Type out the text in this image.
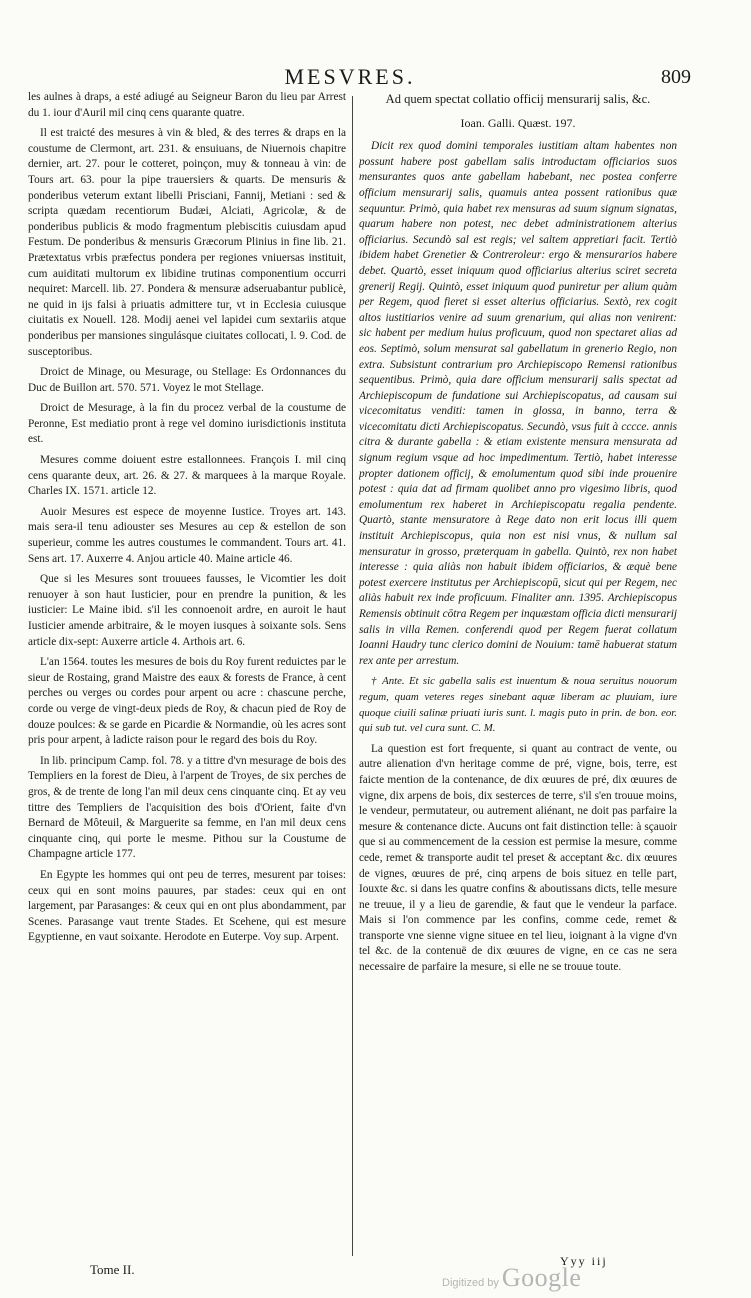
MESVRES.	809

les aulnes à draps, a esté adiugé au Seigneur Baron du lieu par Arrest du 1. iour d'Auril mil cinq cens quarante quatre.

Il est traicté des mesures à vin & bled, & des terres & draps en la coustume de Clermont, art. 231. & ensuiuans, de Niuernois chapitre dernier, art. 27. pour le cotteret, poinçon, muy & tonneau à vin: de Tours art. 63. pour la pipe trauersiers & quarts. De mensuris & ponderibus veterum extant libelli Prisciani, Fannij, Metiani : sed & scripta quædam recentiorum Budæi, Alciati, Agricolæ, & de ponderibus publicis & modo fragmentum plebiscitis cuiusdam apud Festum. De ponderibus & mensuris Græcorum Plinius in fine lib. 21. Prætextatus vrbis præfectus pondera per regiones vniuersas instituit, cum auiditati multorum ex libidine trutinas componentium occurri nequiret: Marcell. lib. 27. Pondera & mensuræ adseruabantur publicè, ne quid in ijs falsi à priuatis admittere tur, vt in Ecclesia cuiusque ciuitatis ex Nouell. 128. Modij aenei vel lapidei cum sextariis atque ponderibus per mansiones singulásque ciuitates collocati, l. 9. Cod. de susceptoribus.

Droict de Minage, ou Mesurage, ou Stellage: Es Ordonnances du Duc de Buillon art. 570. 571. Voyez le mot Stellage.

Droict de Mesurage, à la fin du procez verbal de la coustume de Peronne, Est mediatio pront à rege vel domino iurisdictionis instituta est.

Mesures comme doiuent estre estallonnees. François I. mil cinq cens quarante deux, art. 26. & 27. & marquees à la marque Royale. Charles IX. 1571. article 12.

Auoir Mesures est espece de moyenne Iustice. Troyes art. 143. mais sera-il tenu adiouster ses Mesures au cep & estellon de son superieur, comme les autres coustumes le commandent. Tours art. 41. Sens art. 17. Auxerre 4. Anjou article 40. Maine article 46.

Que si les Mesures sont trouuees fausses, le Vicomtier les doit renuoyer à son haut Iusticier, pour en prendre la punition, & les iusticier: Le Maine ibid. s'il les connoenoit ardre, en auroit le haut Iusticier amende arbitraire, & le moyen iusques à soixante sols. Sens article dix-sept: Auxerre article 4. Arthois art. 6.

L'an 1564. toutes les mesures de bois du Roy furent reduictes par le sieur de Rostaing, grand Maistre des eaux & forests de France, à cent perches ou verges ou cordes pour arpent ou acre : chascune perche, corde ou verge de vingt-deux pieds de Roy, & chacun pied de Roy de douze poulces: & se garde en Picardie & Normandie, où les acres sont pris pour arpent, à ladicte raison pour le regard des bois du Roy.

In lib. principum Camp. fol. 78. y a tittre d'vn mesurage de bois des Templiers en la forest de Dieu, à l'arpent de Troyes, de six perches de gros, & de trente de long l'an mil deux cens cinquante cinq. Et ay veu tittre des Templiers de l'acquisition des bois d'Orient, faite d'vn Bernard de Môteuil, & Marguerite sa femme, en l'an mil deux cens cinquante cinq, qui porte le mesme. Pithou sur la Coustume de Champagne article 177.

En Egypte les hommes qui ont peu de terres, mesurent par toises: ceux qui en sont moins pauures, par stades: ceux qui en ont largement, par Parasanges: & ceux qui en ont plus abondamment, par Scenes. Parasange vaut trente Stades. Et Scehene, qui est mesure Egyptienne, en vaut soixante. Herodote en Euterpe. Voy sup. Arpent.

Ad quem spectat collatio officij mensurarij salis, &c.

Ioan. Galli. Quæst. 197.

Dicit rex quod domini temporales iustitiam altam habentes non possunt habere post gabellam salis introductam officiarios suos mensurantes quos ante gabellam habebant, nec postea conferre officium mensurarij salis, quamuis antea possent rationibus quæ sequuntur. Primò, quia habet rex mensuras ad suum signum signatas, quarum habere non potest, nec debet administrationem alterius officiarius. Secundò sal est regis; vel saltem appretiari facit. Tertiò ibidem habet Grenetier & Contreroleur: ergo & mensurarios habere debet. Quartò, esset iniquum quod officiarius alterius sciret secreta grenerij Regij. Quintò, esset iniquum quod puniretur per alium quàm per Regem, quod fieret si esset alterius officiarius. Sextò, rex cogit altos iustitiarios venire ad suum grenarium, qui alias non venirent: sic habent per medium huius proficuum, quod non spectaret alias ad eos. Septimò, solum mensurat sal gabellatum in grenerio Regio, non extra. Subsistunt contrarium pro Archiepiscopo Remensi rationibus sequentibus. Primò, quia dare officium mensurarij salis spectat ad Archiepiscopum de fundatione sui Archiepiscopatus, ad causam sui vicecomitatus venditi: tamen in glossa, in banno, terra & vicecomitatu dicti Archiepiscopatus. Secundò, vsus fuit à cccce. annis citra & durante gabella : & etiam existente mensura mensurata ad signum regium vsque ad hoc impedimentum. Tertiò, habet interesse propter dationem officij, & emolumentum quod sibi inde prouenire potest : quia dat ad firmam quolibet anno pro vigesimo libris, quod emolumentum rex haberet in Archiepiscopatu regalia pendente. Quartò, stante mensuratore à Rege dato non erit locus illi quem instituit Archiepiscopus, quia non est nisi vnus, & nullum sal mensuratur in grosso, præterquam in gabella. Quintò, rex non habet interesse : quia aliàs non habuit ibidem officiarios, & æquè bene potest exercere institutus per Archiepiscopū, sicut qui per Regem, nec aliàs habuit rex inde proficuum. Finaliter ann. 1395. Archiepiscopus Remensis obtinuit cōtra Regem per inquæstam officia dicti mensurarij salis in villa Remen. conferendi quod per Regem fuerat collatum Ioanni Haudry tunc clerico domini de Nouium: tamē habuerat statum rex ante per arrestum.

† Ante. Et sic gabella salis est inuentum & noua seruitus nouorum regum, quam veteres reges sinebant aquæ liberam ac pluuiam, iure quoque ciuili salinæ priuati iuris sunt. l. magis puto in prin. de bon. eor. qui sub tut. vel cura sunt. C. M.

La question est fort frequente, si quant au contract de vente, ou autre alienation d'vn heritage comme de pré, vigne, bois, terre, est faicte mention de la contenance, de dix œuures de pré, dix œuures de vigne, dix arpens de bois, dix sesterces de terre, s'il s'en trouue moins, le vendeur, permutateur, ou autrement aliénant, ne doit pas parfaire la mesure & contenance dicte. Aucuns ont fait distinction telle: à sçauoir que si au commencement de la cession est permise la mesure, comme cede, remet & transporte audit tel preset & acceptant &c. dix œuures de vignes, œuures de pré, cinq arpens de bois situez en telle part, Iouxte &c. si dans les quatre confins & aboutissans dicts, telle mesure ne treuue, il y a lieu de garendie, & faut que le vendeur la parface. Mais si l'on commence par les confins, comme cede, remet & transporte vne sienne vigne situee en tel lieu, ioignant à la vigne d'vn tel &c. de la contenuë de dix œuures de vigne, en ce cas ne sera necessaire de parfaire la mesure, si elle ne se trouue toute.

Tome II.
Yyy iij
Digitized by Google
